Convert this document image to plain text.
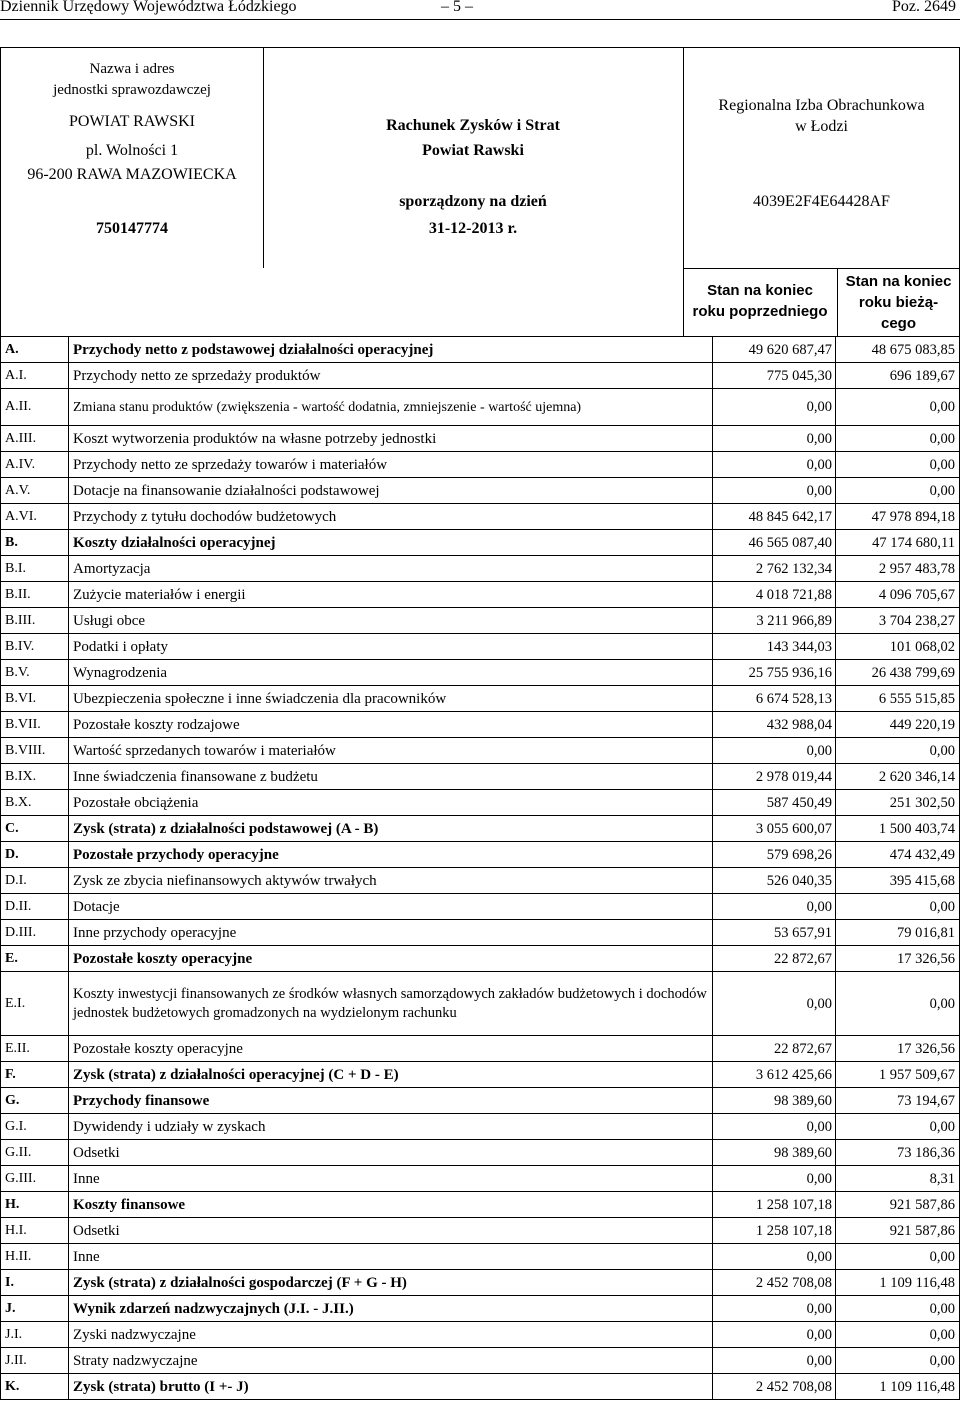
Dziennik Urzędowy Województwa Łódzkiego	– 5 –	Poz. 2649
Nazwa i adres
jednostki sprawozdawczej
POWIAT RAWSKI
pl. Wolności 1
96-200 RAWA MAZOWIECKA
750147774
Rachunek Zysków i Strat
Powiat Rawski
sporządzony na dzień
31-12-2013 r.
Regionalna Izba Obrachunkowa
w Łodzi
4039E2F4E64428AF
Stan na koniec
roku poprzedniego
Stan na koniec
roku bieżą-
cego
A.	Przychody netto z podstawowej działalności operacyjnej	49 620 687,47	48 675 083,85
A.I.	Przychody netto ze sprzedaży produktów	775 045,30	696 189,67
A.II.	Zmiana stanu produktów (zwiększenia - wartość dodatnia, zmniejszenie - wartość ujemna)	0,00	0,00
A.III.	Koszt wytworzenia produktów na własne potrzeby jednostki	0,00	0,00
A.IV.	Przychody netto ze sprzedaży towarów i materiałów	0,00	0,00
A.V.	Dotacje na finansowanie działalności podstawowej	0,00	0,00
A.VI.	Przychody z tytułu dochodów budżetowych	48 845 642,17	47 978 894,18
B.	Koszty działalności operacyjnej	46 565 087,40	47 174 680,11
B.I.	Amortyzacja	2 762 132,34	2 957 483,78
B.II.	Zużycie materiałów i energii	4 018 721,88	4 096 705,67
B.III.	Usługi obce	3 211 966,89	3 704 238,27
B.IV.	Podatki i opłaty	143 344,03	101 068,02
B.V.	Wynagrodzenia	25 755 936,16	26 438 799,69
B.VI.	Ubezpieczenia społeczne i inne świadczenia dla pracowników	6 674 528,13	6 555 515,85
B.VII.	Pozostałe koszty rodzajowe	432 988,04	449 220,19
B.VIII.	Wartość sprzedanych towarów i materiałów	0,00	0,00
B.IX.	Inne świadczenia finansowane z budżetu	2 978 019,44	2 620 346,14
B.X.	Pozostałe obciążenia	587 450,49	251 302,50
C.	Zysk (strata) z działalności podstawowej (A - B)	3 055 600,07	1 500 403,74
D.	Pozostałe przychody operacyjne	579 698,26	474 432,49
D.I.	Zysk ze zbycia niefinansowych aktywów trwałych	526 040,35	395 415,68
D.II.	Dotacje	0,00	0,00
D.III.	Inne przychody operacyjne	53 657,91	79 016,81
E.	Pozostałe koszty operacyjne	22 872,67	17 326,56
E.I.	Koszty inwestycji finansowanych ze środków własnych samorządowych zakładów budżetowych i dochodów jednostek budżetowych gromadzonych na wydzielonym rachunku	0,00	0,00
E.II.	Pozostałe koszty operacyjne	22 872,67	17 326,56
F.	Zysk (strata) z działalności operacyjnej (C + D - E)	3 612 425,66	1 957 509,67
G.	Przychody finansowe	98 389,60	73 194,67
G.I.	Dywidendy i udziały w zyskach	0,00	0,00
G.II.	Odsetki	98 389,60	73 186,36
G.III.	Inne	0,00	8,31
H.	Koszty finansowe	1 258 107,18	921 587,86
H.I.	Odsetki	1 258 107,18	921 587,86
H.II.	Inne	0,00	0,00
I.	Zysk (strata) z działalności gospodarczej (F + G - H)	2 452 708,08	1 109 116,48
J.	Wynik zdarzeń nadzwyczajnych (J.I. - J.II.)	0,00	0,00
J.I.	Zyski nadzwyczajne	0,00	0,00
J.II.	Straty nadzwyczajne	0,00	0,00
K.	Zysk (strata) brutto (I +- J)	2 452 708,08	1 109 116,48
